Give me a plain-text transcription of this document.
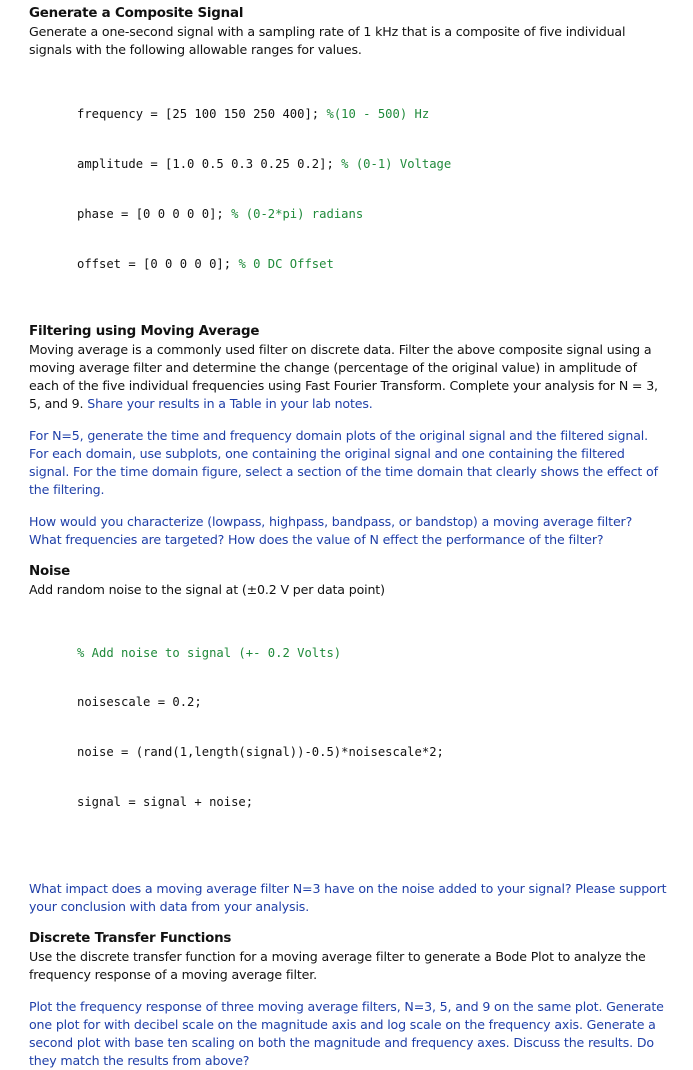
Generate a Composite Signal

Generate a one-second signal with a sampling rate of 1 kHz that is a composite of five individual signals with the following allowable ranges for values.

frequency = [25 100 150 250 400]; %(10 - 500) Hz

amplitude = [1.0 0.5 0.3 0.25 0.2]; % (0-1) Voltage

phase = [0 0 0 0 0]; % (0-2*pi) radians

offset = [0 0 0 0 0]; % 0 DC Offset

Filtering using Moving Average

Moving average is a commonly used filter on discrete data. Filter the above composite signal using a moving average filter and determine the change (percentage of the original value) in amplitude of each of the five individual frequencies using Fast Fourier Transform. Complete your analysis for N = 3, 5, and 9. Share your results in a Table in your lab notes.

For N=5, generate the time and frequency domain plots of the original signal and the filtered signal. For each domain, use subplots, one containing the original signal and one containing the filtered signal. For the time domain figure, select a section of the time domain that clearly shows the effect of the filtering.

How would you characterize (lowpass, highpass, bandpass, or bandstop) a moving average filter? What frequencies are targeted? How does the value of N effect the performance of the filter?

Noise

Add random noise to the signal at (±0.2 V per data point)

% Add noise to signal (+- 0.2 Volts)

noisescale = 0.2;

noise = (rand(1,length(signal))-0.5)*noisescale*2;

signal = signal + noise;

What impact does a moving average filter N=3 have on the noise added to your signal? Please support your conclusion with data from your analysis.

Discrete Transfer Functions

Use the discrete transfer function for a moving average filter to generate a Bode Plot to analyze the frequency response of a moving average filter.

Plot the frequency response of three moving average filters, N=3, 5, and 9 on the same plot. Generate one plot for with decibel scale on the magnitude axis and log scale on the frequency axis. Generate a second plot with base ten scaling on both the magnitude and frequency axes. Discuss the results. Do they match the results from above?
